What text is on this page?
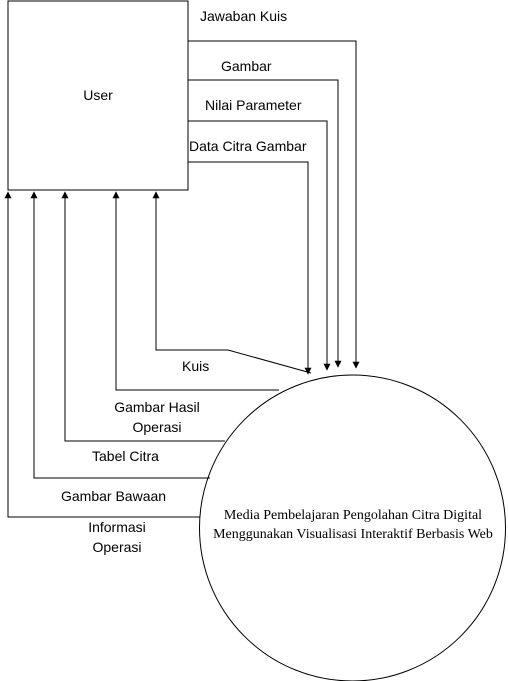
User
Jawaban Kuis
Gambar
Nilai Parameter
Data Citra Gambar
Kuis
Gambar Hasil
Operasi
Tabel Citra
Gambar Bawaan
Informasi
Operasi
Media Pembelajaran Pengolahan Citra Digital
Menggunakan Visualisasi Interaktif Berbasis Web
